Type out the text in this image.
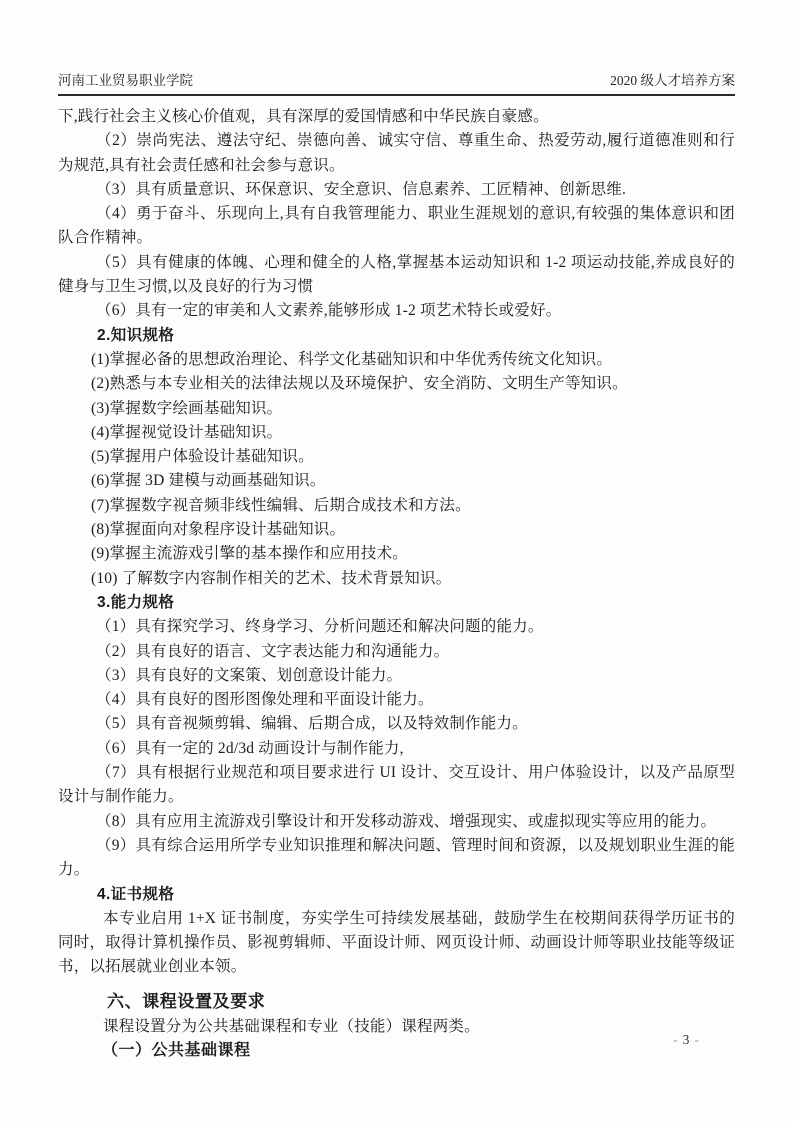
河南工业贸易职业学院	2020 级人才培养方案

下,践行社会主义核心价值观，具有深厚的爱国情感和中华民族自豪感。

（2）崇尚宪法、遵法守纪、崇德向善、诚实守信、尊重生命、热爱劳动,履行道德准则和行为规范,具有社会责任感和社会参与意识。

（3）具有质量意识、环保意识、安全意识、信息素养、工匠精神、创新思维.

（4）勇于奋斗、乐现向上,具有自我管理能力、职业生涯规划的意识,有较强的集体意识和团队合作精神。

（5）具有健康的体魄、心理和健全的人格,掌握基本运动知识和 1-2 项运动技能,养成良好的健身与卫生习惯,以及良好的行为习惯

（6）具有一定的审美和人文素养,能够形成 1-2 项艺术特长或爱好。

2.知识规格

(1)掌握必备的思想政治理论、科学文化基础知识和中华优秀传统文化知识。

(2)熟悉与本专业相关的法律法规以及环境保护、安全消防、文明生产等知识。

(3)掌握数字绘画基础知识。

(4)掌握视觉设计基础知识。

(5)掌握用户体验设计基础知识。

(6)掌握 3D 建模与动画基础知识。

(7)掌握数字视音频非线性编辑、后期合成技术和方法。

(8)掌握面向对象程序设计基础知识。

(9)掌握主流游戏引擎的基本操作和应用技术。

(10) 了解数字内容制作相关的艺术、技术背景知识。

3.能力规格

（1）具有探究学习、终身学习、分析问题还和解决问题的能力。

（2）具有良好的语言、文字表达能力和沟通能力。

（3）具有良好的文案策、划创意设计能力。

（4）具有良好的图形图像处理和平面设计能力。

（5）具有音视频剪辑、编辑、后期合成，以及特效制作能力。

（6）具有一定的 2d/3d 动画设计与制作能力,

（7）具有根据行业规范和项目要求进行 UI 设计、交互设计、用户体验设计，以及产品原型设计与制作能力。

（8）具有应用主流游戏引擎设计和开发移动游戏、增强现实、或虚拟现实等应用的能力。

（9）具有综合运用所学专业知识推理和解决问题、管理时间和资源，以及规划职业生涯的能力。

4.证书规格

本专业启用 1+X 证书制度，夯实学生可持续发展基础，鼓励学生在校期间获得学历证书的同时，取得计算机操作员、影视剪辑师、平面设计师、网页设计师、动画设计师等职业技能等级证书，以拓展就业创业本领。

六、课程设置及要求

课程设置分为公共基础课程和专业（技能）课程两类。

（一）公共基础课程

- 3 -
